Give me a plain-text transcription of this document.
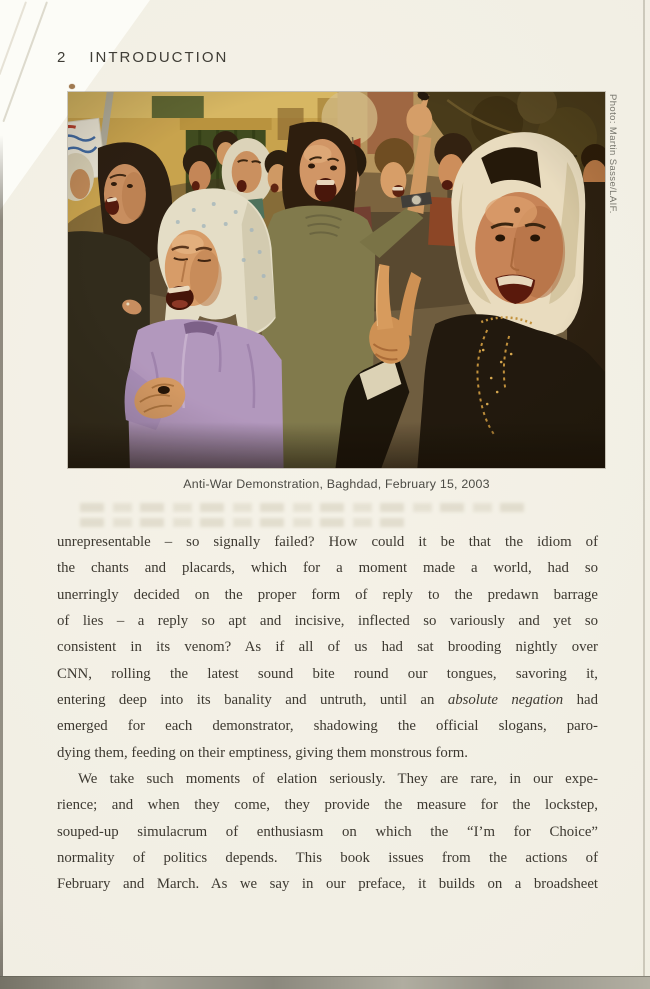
2 INTRODUCTION
Photo: Martin Sasse/LAIF.
Anti-War Demonstration, Baghdad, February 15, 2003
unrepresentable – so signally failed? How could it be that the idiom of
the chants and placards, which for a moment made a world, had so
unerringly decided on the proper form of reply to the predawn barrage
of lies – a reply so apt and incisive, inflected so variously and yet so
consistent in its venom? As if all of us had sat brooding nightly over
CNN, rolling the latest sound bite round our tongues, savoring it,
entering deep into its banality and untruth, until an absolute negation had
emerged for each demonstrator, shadowing the official slogans, paro-
dying them, feeding on their emptiness, giving them monstrous form.
We take such moments of elation seriously. They are rare, in our expe-
rience; and when they come, they provide the measure for the lockstep,
souped-up simulacrum of enthusiasm on which the “I’m for Choice”
normality of politics depends. This book issues from the actions of
February and March. As we say in our preface, it builds on a broadsheet
